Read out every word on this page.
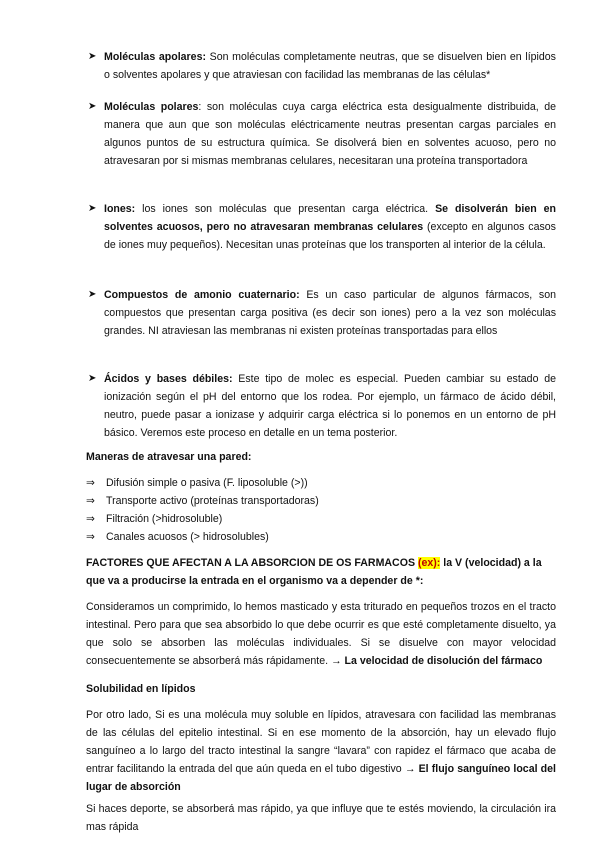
➤ Moléculas apolares: Son moléculas completamente neutras, que se disuelven bien en lípidos o solventes apolares y que atraviesan con facilidad las membranas de las células*
➤ Moléculas polares: son moléculas cuya carga eléctrica esta desigualmente distribuida, de manera que aun que son moléculas eléctricamente neutras presentan cargas parciales en algunos puntos de su estructura química. Se disolverá bien en solventes acuoso, pero no atravesaran por si mismas membranas celulares, necesitaran una proteína transportadora
➤ Iones: los iones son moléculas que presentan carga eléctrica. Se disolverán bien en solventes acuosos, pero no atravesaran membranas celulares (excepto en algunos casos de iones muy pequeños). Necesitan unas proteínas que los transporten al interior de la célula.
➤ Compuestos de amonio cuaternario: Es un caso particular de algunos fármacos, son compuestos que presentan carga positiva (es decir son iones) pero a la vez son moléculas grandes. NI atraviesan las membranas ni existen proteínas transportadas para ellos
➤ Ácidos y bases débiles: Este tipo de molec es especial. Pueden cambiar su estado de ionización según el pH del entorno que los rodea. Por ejemplo, un fármaco de ácido débil, neutro, puede pasar a ionizase y adquirir carga eléctrica si lo ponemos en un entorno de pH básico. Veremos este proceso en detalle en un tema posterior.
Maneras de atravesar una pared:
⇒ Difusión simple o pasiva (F. liposoluble (>))
⇒ Transporte activo (proteínas transportadoras)
⇒ Filtración (>hidrosoluble)
⇒ Canales acuosos (> hidrosolubles)
FACTORES QUE AFECTAN A LA ABSORCION DE OS FARMACOS (ex): la V (velocidad) a la que va a producirse la entrada en el organismo va a depender de *:
Consideramos un comprimido, lo hemos masticado y esta triturado en pequeños trozos en el tracto intestinal. Pero para que sea absorbido lo que debe ocurrir es que esté completamente disuelto, ya que solo se absorben las moléculas individuales. Si se disuelve con mayor velocidad consecuentemente se absorberá más rápidamente. → La velocidad de disolución del fármaco
Solubilidad en lípidos
Por otro lado, Si es una molécula muy soluble en lípidos, atravesara con facilidad las membranas de las células del epitelio intestinal. Si en ese momento de la absorción, hay un elevado flujo sanguíneo a lo largo del tracto intestinal la sangre “lavara” con rapidez el fármaco que acaba de entrar facilitando la entrada del que aún queda en el tubo digestivo → El flujo sanguíneo local del lugar de absorción
Si haces deporte, se absorberá mas rápido, ya que influye que te estés moviendo, la circulación ira mas rápida
